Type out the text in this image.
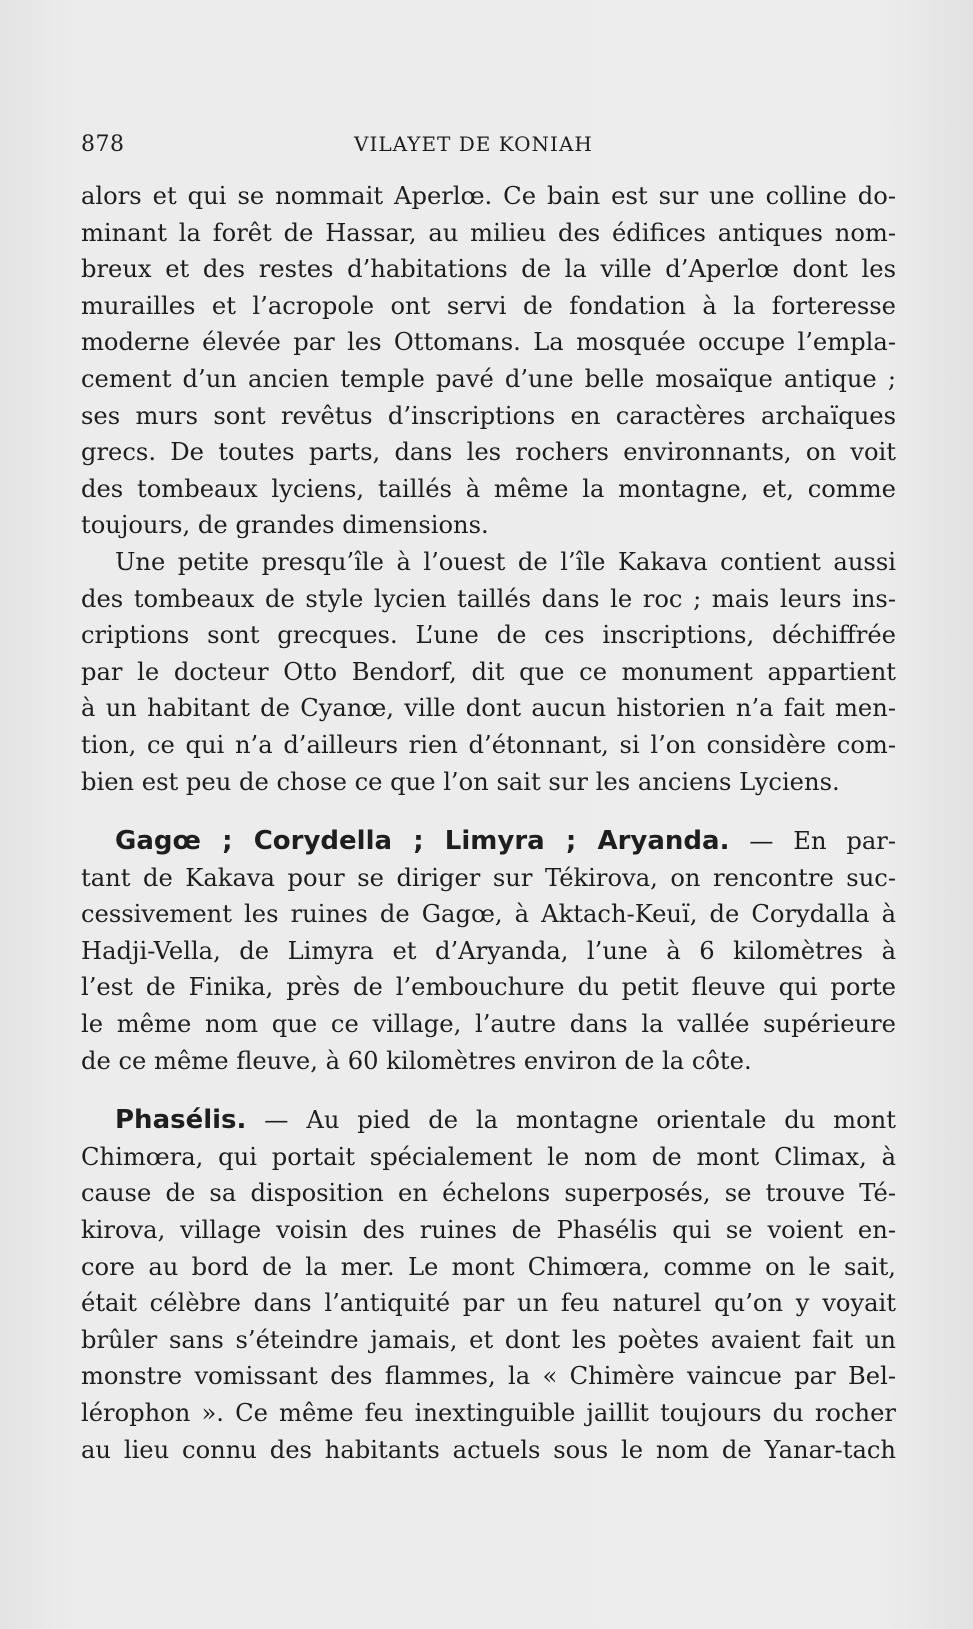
878	VILAYET DE KONIAH
alors et qui se nommait Aperlœ. Ce bain est sur une colline do-
minant la forêt de Hassar, au milieu des édifices antiques nom-
breux et des restes d’habitations de la ville d’Aperlœ dont les
murailles et l’acropole ont servi de fondation à la forteresse
moderne élevée par les Ottomans. La mosquée occupe l’empla-
cement d’un ancien temple pavé d’une belle mosaïque antique ;
ses murs sont revêtus d’inscriptions en caractères archaïques
grecs. De toutes parts, dans les rochers environnants, on voit
des tombeaux lyciens, taillés à même la montagne, et, comme
toujours, de grandes dimensions.
Une petite presqu’île à l’ouest de l’île Kakava contient aussi
des tombeaux de style lycien taillés dans le roc ; mais leurs ins-
criptions sont grecques. L’une de ces inscriptions, déchiffrée
par le docteur Otto Bendorf, dit que ce monument appartient
à un habitant de Cyanœ, ville dont aucun historien n’a fait men-
tion, ce qui n’a d’ailleurs rien d’étonnant, si l’on considère com-
bien est peu de chose ce que l’on sait sur les anciens Lyciens.
Gagœ ; Corydella ; Limyra ; Aryanda. — En par-
tant de Kakava pour se diriger sur Tékirova, on rencontre suc-
cessivement les ruines de Gagœ, à Aktach-Keuï, de Corydalla à
Hadji-Vella, de Limyra et d’Aryanda, l’une à 6 kilomètres à
l’est de Finika, près de l’embouchure du petit fleuve qui porte
le même nom que ce village, l’autre dans la vallée supérieure
de ce même fleuve, à 60 kilomètres environ de la côte.
Phasélis. — Au pied de la montagne orientale du mont
Chimœra, qui portait spécialement le nom de mont Climax, à
cause de sa disposition en échelons superposés, se trouve Té-
kirova, village voisin des ruines de Phasélis qui se voient en-
core au bord de la mer. Le mont Chimœra, comme on le sait,
était célèbre dans l’antiquité par un feu naturel qu’on y voyait
brûler sans s’éteindre jamais, et dont les poètes avaient fait un
monstre vomissant des flammes, la « Chimère vaincue par Bel-
lérophon ». Ce même feu inextinguible jaillit toujours du rocher
au lieu connu des habitants actuels sous le nom de Yanar-tach
